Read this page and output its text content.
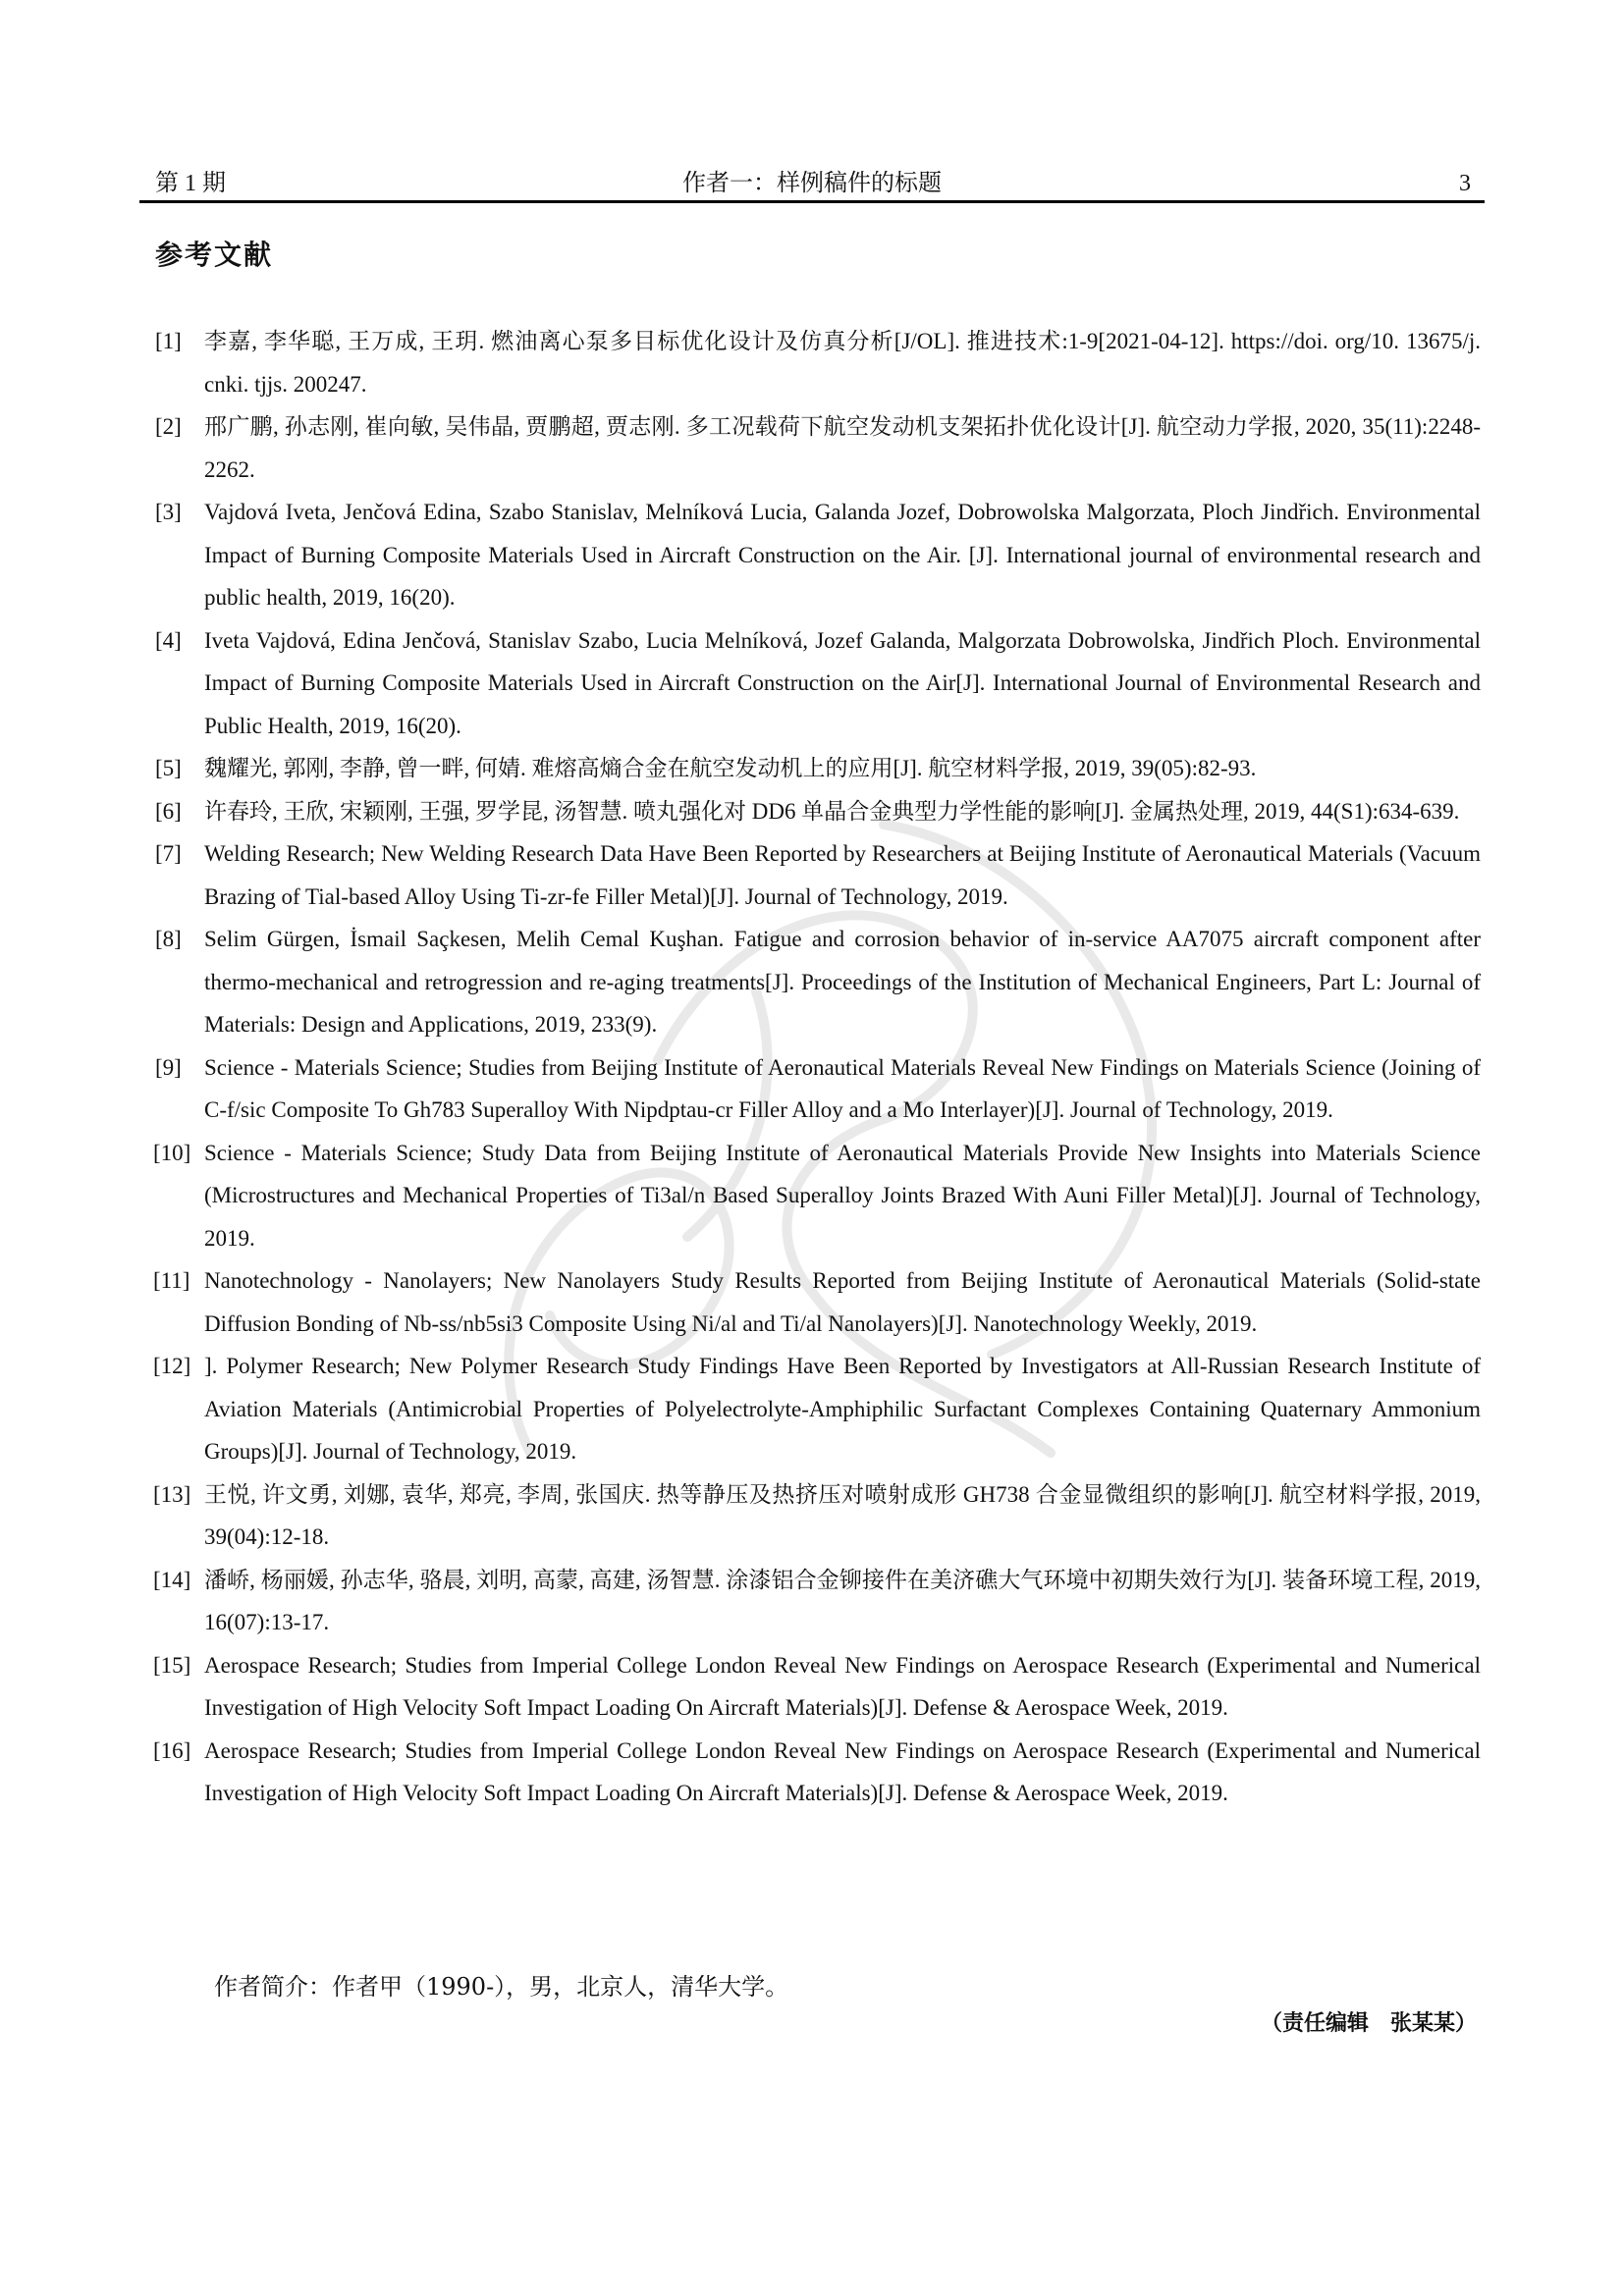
第 1 期	作者一：样例稿件的标题	3
参考文献
[1] 李嘉, 李华聪, 王万成, 王玥. 燃油离心泵多目标优化设计及仿真分析[J/OL]. 推进技术:1-9[2021-04-12]. https://doi. org/10. 13675/j. cnki. tjjs. 200247.
[2] 邢广鹏, 孙志刚, 崔向敏, 吴伟晶, 贾鹏超, 贾志刚. 多工况载荷下航空发动机支架拓扑优化设计[J]. 航空动力学报, 2020, 35(11):2248-2262.
[3] Vajdová Iveta, Jenčová Edina, Szabo Stanislav, Melníková Lucia, Galanda Jozef, Dobrowolska Malgorzata, Ploch Jindřich. Environmental Impact of Burning Composite Materials Used in Aircraft Construction on the Air. [J]. International journal of environmental research and public health, 2019, 16(20).
[4] Iveta Vajdová, Edina Jenčová, Stanislav Szabo, Lucia Melníková, Jozef Galanda, Malgorzata Dobrowolska, Jindřich Ploch. Environmental Impact of Burning Composite Materials Used in Aircraft Construction on the Air[J]. International Journal of Environmental Research and Public Health, 2019, 16(20).
[5] 魏耀光, 郭刚, 李静, 曾一畔, 何婧. 难熔高熵合金在航空发动机上的应用[J]. 航空材料学报, 2019, 39(05):82-93.
[6] 许春玲, 王欣, 宋颖刚, 王强, 罗学昆, 汤智慧. 喷丸强化对 DD6 单晶合金典型力学性能的影响[J]. 金属热处理, 2019, 44(S1):634-639.
[7] Welding Research; New Welding Research Data Have Been Reported by Researchers at Beijing Institute of Aeronautical Materials (Vacuum Brazing of Tial-based Alloy Using Ti-zr-fe Filler Metal)[J]. Journal of Technology, 2019.
[8] Selim Gürgen, İsmail Saçkesen, Melih Cemal Kuşhan. Fatigue and corrosion behavior of in-service AA7075 aircraft component after thermo-mechanical and retrogression and re-aging treatments[J]. Proceedings of the Institution of Mechanical Engineers, Part L: Journal of Materials: Design and Applications, 2019, 233(9).
[9] Science - Materials Science; Studies from Beijing Institute of Aeronautical Materials Reveal New Findings on Materials Science (Joining of C-f/sic Composite To Gh783 Superalloy With Nipdptau-cr Filler Alloy and a Mo Interlayer)[J]. Journal of Technology, 2019.
[10] Science - Materials Science; Study Data from Beijing Institute of Aeronautical Materials Provide New Insights into Materials Science (Microstructures and Mechanical Properties of Ti3al/n Based Superalloy Joints Brazed With Auni Filler Metal)[J]. Journal of Technology, 2019.
[11] Nanotechnology - Nanolayers; New Nanolayers Study Results Reported from Beijing Institute of Aeronautical Materials (Solid-state Diffusion Bonding of Nb-ss/nb5si3 Composite Using Ni/al and Ti/al Nanolayers)[J]. Nanotechnology Weekly, 2019.
[12] ]. Polymer Research; New Polymer Research Study Findings Have Been Reported by Investigators at All-Russian Research Institute of Aviation Materials (Antimicrobial Properties of Polyelectrolyte-Amphiphilic Surfactant Complexes Containing Quaternary Ammonium Groups)[J]. Journal of Technology, 2019.
[13] 王悦, 许文勇, 刘娜, 袁华, 郑亮, 李周, 张国庆. 热等静压及热挤压对喷射成形 GH738 合金显微组织的影响[J]. 航空材料学报, 2019, 39(04):12-18.
[14] 潘峤, 杨丽媛, 孙志华, 骆晨, 刘明, 高蒙, 高建, 汤智慧. 涂漆铝合金铆接件在美济礁大气环境中初期失效行为[J]. 装备环境工程, 2019, 16(07):13-17.
[15] Aerospace Research; Studies from Imperial College London Reveal New Findings on Aerospace Research (Experimental and Numerical Investigation of High Velocity Soft Impact Loading On Aircraft Materials)[J]. Defense & Aerospace Week, 2019.
[16] Aerospace Research; Studies from Imperial College London Reveal New Findings on Aerospace Research (Experimental and Numerical Investigation of High Velocity Soft Impact Loading On Aircraft Materials)[J]. Defense & Aerospace Week, 2019.
作者简介：作者甲（1990-），男，北京人，清华大学。
（责任编辑　张某某）
